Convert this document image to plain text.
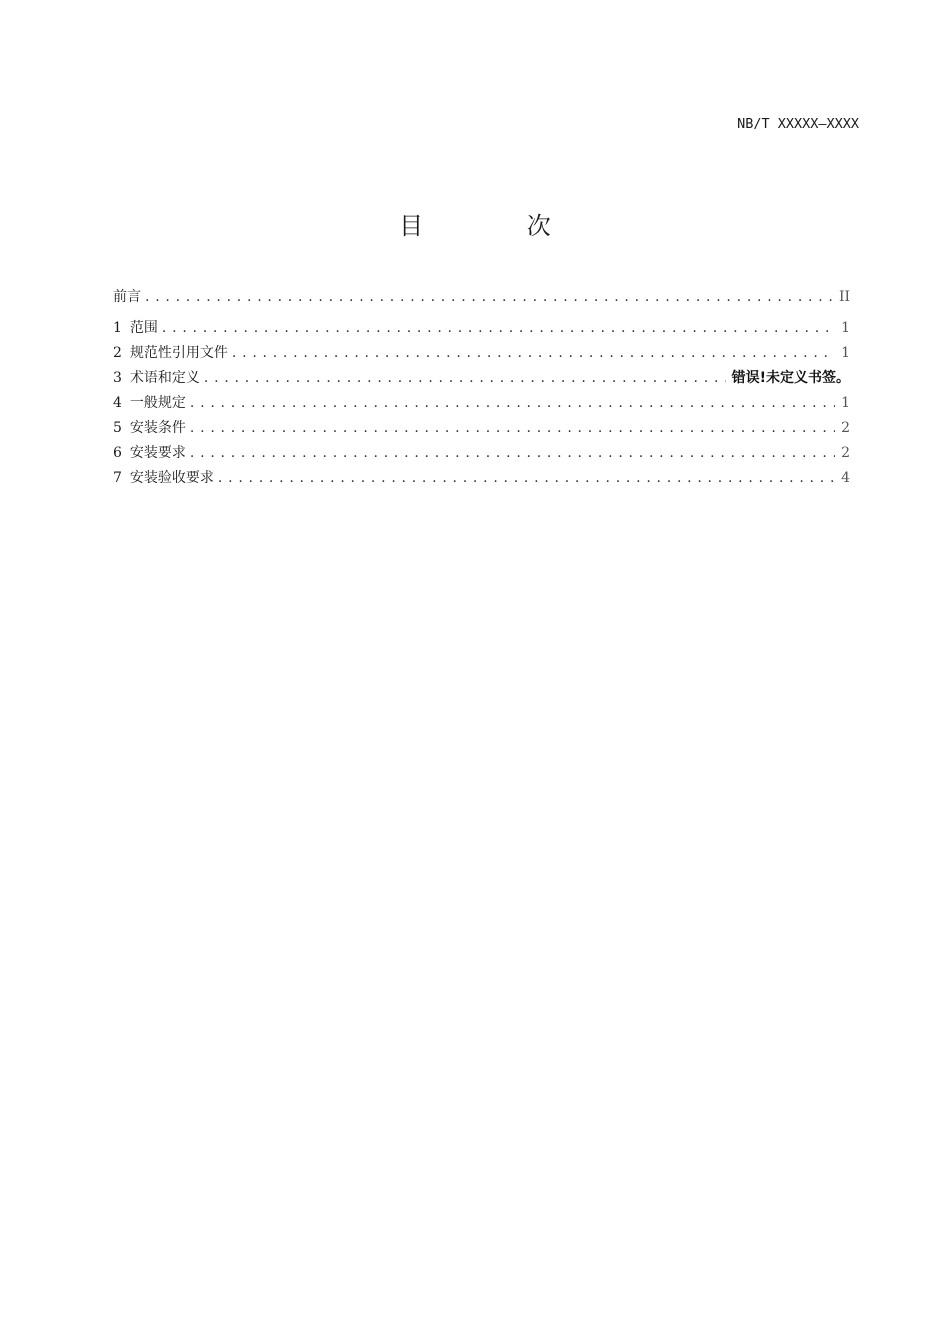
NB/T XXXXX—XXXX
目 次
前言 . . .	II
1 范围 . . .	1
2 规范性引用文件 . . .	1
3 术语和定义 . . .	错误!未定义书签。
4 一般规定 . . .	1
5 安装条件 . . .	2
6 安装要求 . . .	2
7 安装验收要求 . . .	4
